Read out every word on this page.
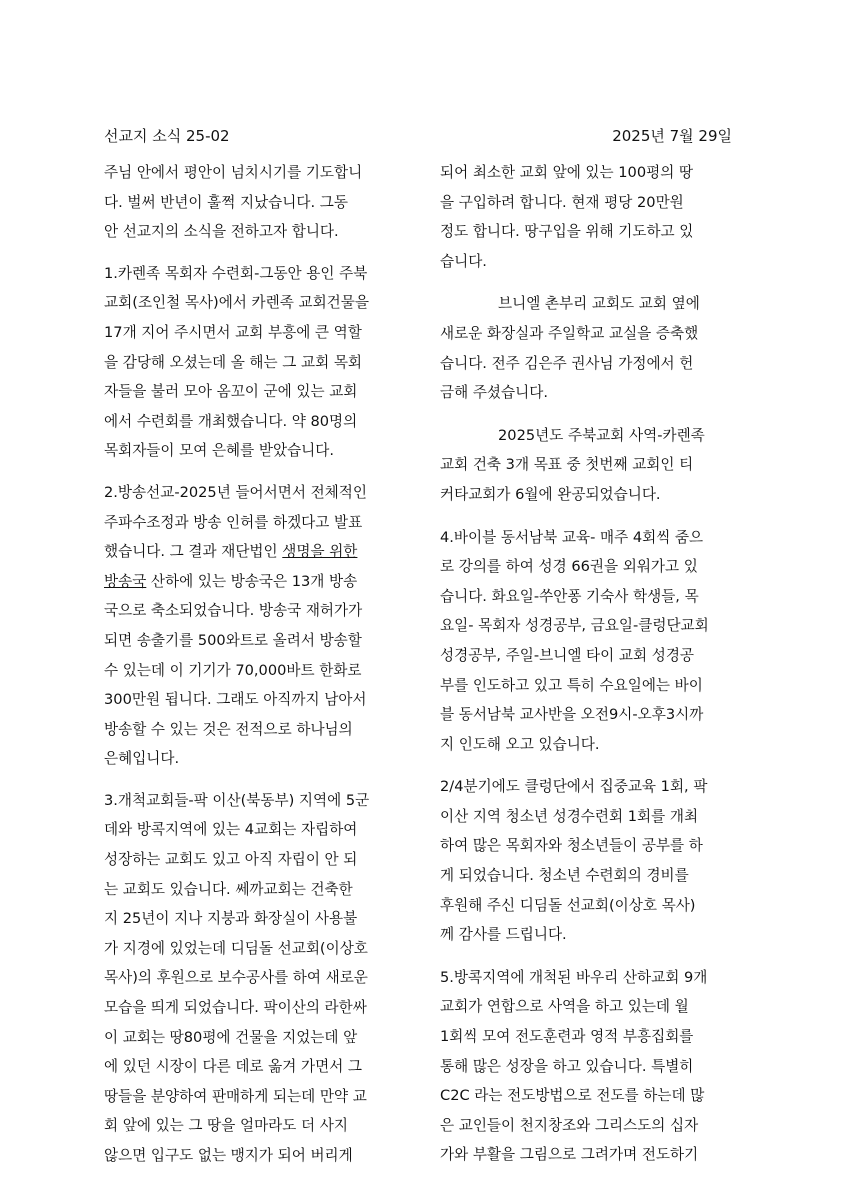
선교지 소식 25-02	2025년 7월 29일

주님 안에서 평안이 넘치시기를 기도합니
다. 벌써 반년이 훌쩍 지났습니다. 그동
안 선교지의 소식을 전하고자 합니다.

1.카렌족 목회자 수련회-그동안 용인 주북
교회(조인철 목사)에서 카렌족 교회건물을
17개 지어 주시면서 교회 부흥에 큰 역할
을 감당해 오셨는데 올 해는 그 교회 목회
자들을 불러 모아 옴꼬이 군에 있는 교회
에서 수련회를 개최했습니다. 약 80명의
목회자들이 모여 은혜를 받았습니다.

2.방송선교-2025년 들어서면서 전체적인
주파수조정과 방송 인허를 하겠다고 발표
했습니다. 그 결과 재단법인 생명을 위한
방송국 산하에 있는 방송국은 13개 방송
국으로 축소되었습니다. 방송국 재허가가
되면 송출기를 500와트로 올려서 방송할
수 있는데 이 기기가 70,000바트 한화로
300만원 됩니다. 그래도 아직까지 남아서
방송할 수 있는 것은 전적으로 하나님의
은혜입니다.

3.개척교회들-팍 이산(북동부) 지역에 5군
데와 방콕지역에 있는 4교회는 자립하여
성장하는 교회도 있고 아직 자립이 안 되
는 교회도 있습니다. 쎄까교회는 건축한
지 25년이 지나 지붕과 화장실이 사용불
가 지경에 있었는데 디딤돌 선교회(이상호
목사)의 후원으로 보수공사를 하여 새로운
모습을 띄게 되었습니다. 팍이산의 라한싸
이 교회는 땅80평에 건물을 지었는데 앞
에 있던 시장이 다른 데로 옮겨 가면서 그
땅들을 분양하여 판매하게 되는데 만약 교
회 앞에 있는 그 땅을 얼마라도 더 사지
않으면 입구도 없는 맹지가 되어 버리게

되어 최소한 교회 앞에 있는 100평의 땅
을 구입하려 합니다. 현재 평당 20만원
정도 합니다. 땅구입을 위해 기도하고 있
습니다.

브니엘 촌부리 교회도 교회 옆에
새로운 화장실과 주일학교 교실을 증축했
습니다. 전주 김은주 권사님 가정에서 헌
금해 주셨습니다.

2025년도 주북교회 사역-카렌족
교회 건축 3개 목표 중 첫번째 교회인 티
커타교회가 6월에 완공되었습니다.

4.바이블 동서남북 교육- 매주 4회씩 줌으
로 강의를 하여 성경 66권을 외워가고 있
습니다. 화요일-쑤안퐁 기숙사 학생들, 목
요일- 목회자 성경공부, 금요일-클렁단교회
성경공부, 주일-브니엘 타이 교회 성경공
부를 인도하고 있고 특히 수요일에는 바이
블 동서남북 교사반을 오전9시-오후3시까
지 인도해 오고 있습니다.

2/4분기에도 클렁단에서 집중교육 1회, 팍
이산 지역 청소년 성경수련회 1회를 개최
하여 많은 목회자와 청소년들이 공부를 하
게 되었습니다. 청소년 수련회의 경비를
후원해 주신 디딤돌 선교회(이상호 목사)
께 감사를 드립니다.

5.방콕지역에 개척된 바우리 산하교회 9개
교회가 연합으로 사역을 하고 있는데 월
1회씩 모여 전도훈련과 영적 부흥집회를
통해 많은 성장을 하고 있습니다. 특별히
C2C 라는 전도방법으로 전도를 하는데 많
은 교인들이 천지창조와 그리스도의 십자
가와 부활을 그림으로 그려가며 전도하기
